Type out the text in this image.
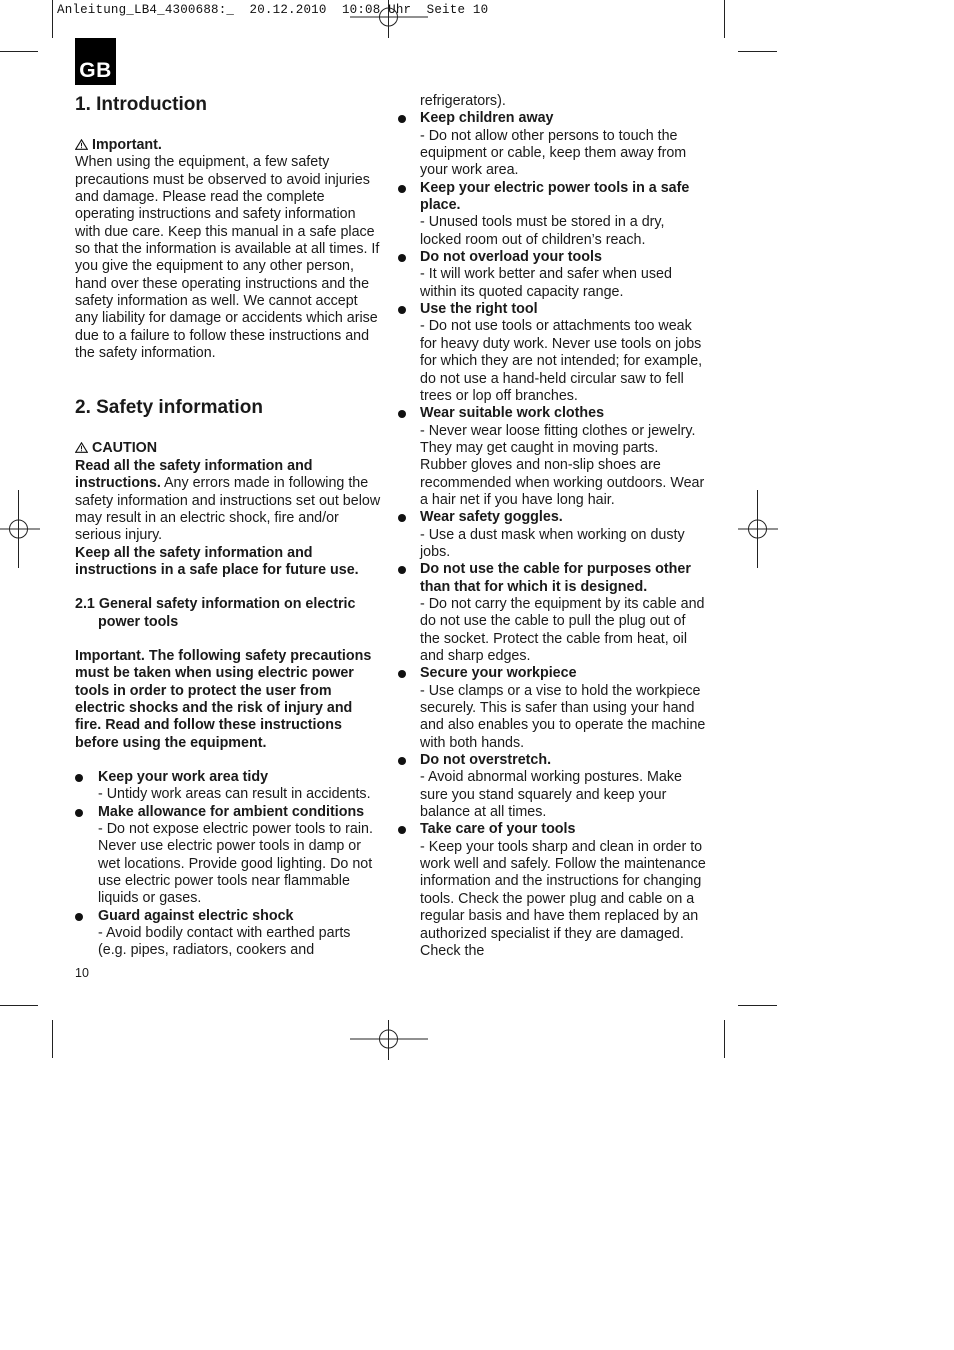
Anleitung_LB4_4300688:_  20.12.2010  10:08 Uhr  Seite 10

GB
1. Introduction

Important.

When using the equipment, a few safety precautions must be observed to avoid injuries and damage. Please read the complete operating instructions and safety information with due care. Keep this manual in a safe place so that the information is available at all times. If you give the equipment to any other person, hand over these operating instructions and the safety information as well. We cannot accept any liability for damage or accidents which arise due to a failure to follow these instructions and the safety information.

2. Safety information

CAUTION

Read all the safety information and instructions. Any errors made in following the safety information and instructions set out below may result in an electric shock, fire and/or serious injury.

Keep all the safety information and instructions in a safe place for future use.

2.1 General safety information on electric power tools

Important. The following safety precautions must be taken when using electric power tools in order to protect the user from electric shocks and the risk of injury and fire. Read and follow these instructions before using the equipment.

Keep your work area tidy
- Untidy work areas can result in accidents.
Make allowance for ambient conditions
- Do not expose electric power tools to rain. Never use electric power tools in damp or wet locations. Provide good lighting. Do not use electric power tools near flammable liquids or gases.
Guard against electric shock
- Avoid bodily contact with earthed parts (e.g. pipes, radiators, cookers and
10

refrigerators).

Keep children away
- Do not allow other persons to touch the equipment or cable, keep them away from your work area.
Keep your electric power tools in a safe place.
- Unused tools must be stored in a dry, locked room out of children’s reach.
Do not overload your tools
- It will work better and safer when used within its quoted capacity range.
Use the right tool
- Do not use tools or attachments too weak for heavy duty work. Never use tools on jobs for which they are not intended; for example, do not use a hand-held circular saw to fell trees or lop off branches.
Wear suitable work clothes
- Never wear loose fitting clothes or jewelry. They may get caught in moving parts. Rubber gloves and non-slip shoes are recommended when working outdoors. Wear a hair net if you have long hair.
Wear safety goggles.
- Use a dust mask when working on dusty jobs.
Do not use the cable for purposes other than that for which it is designed.
- Do not carry the equipment by its cable and do not use the cable to pull the plug out of the socket. Protect the cable from heat, oil and sharp edges.
Secure your workpiece
- Use clamps or a vise to hold the workpiece securely. This is safer than using your hand and also enables you to operate the machine with both hands.
Do not overstretch.
- Avoid abnormal working postures. Make sure you stand squarely and keep your balance at all times.
Take care of your tools
- Keep your tools sharp and clean in order to work well and safely. Follow the maintenance information and the instructions for changing tools. Check the power plug and cable on a regular basis and have them replaced by an authorized specialist if they are damaged. Check the
